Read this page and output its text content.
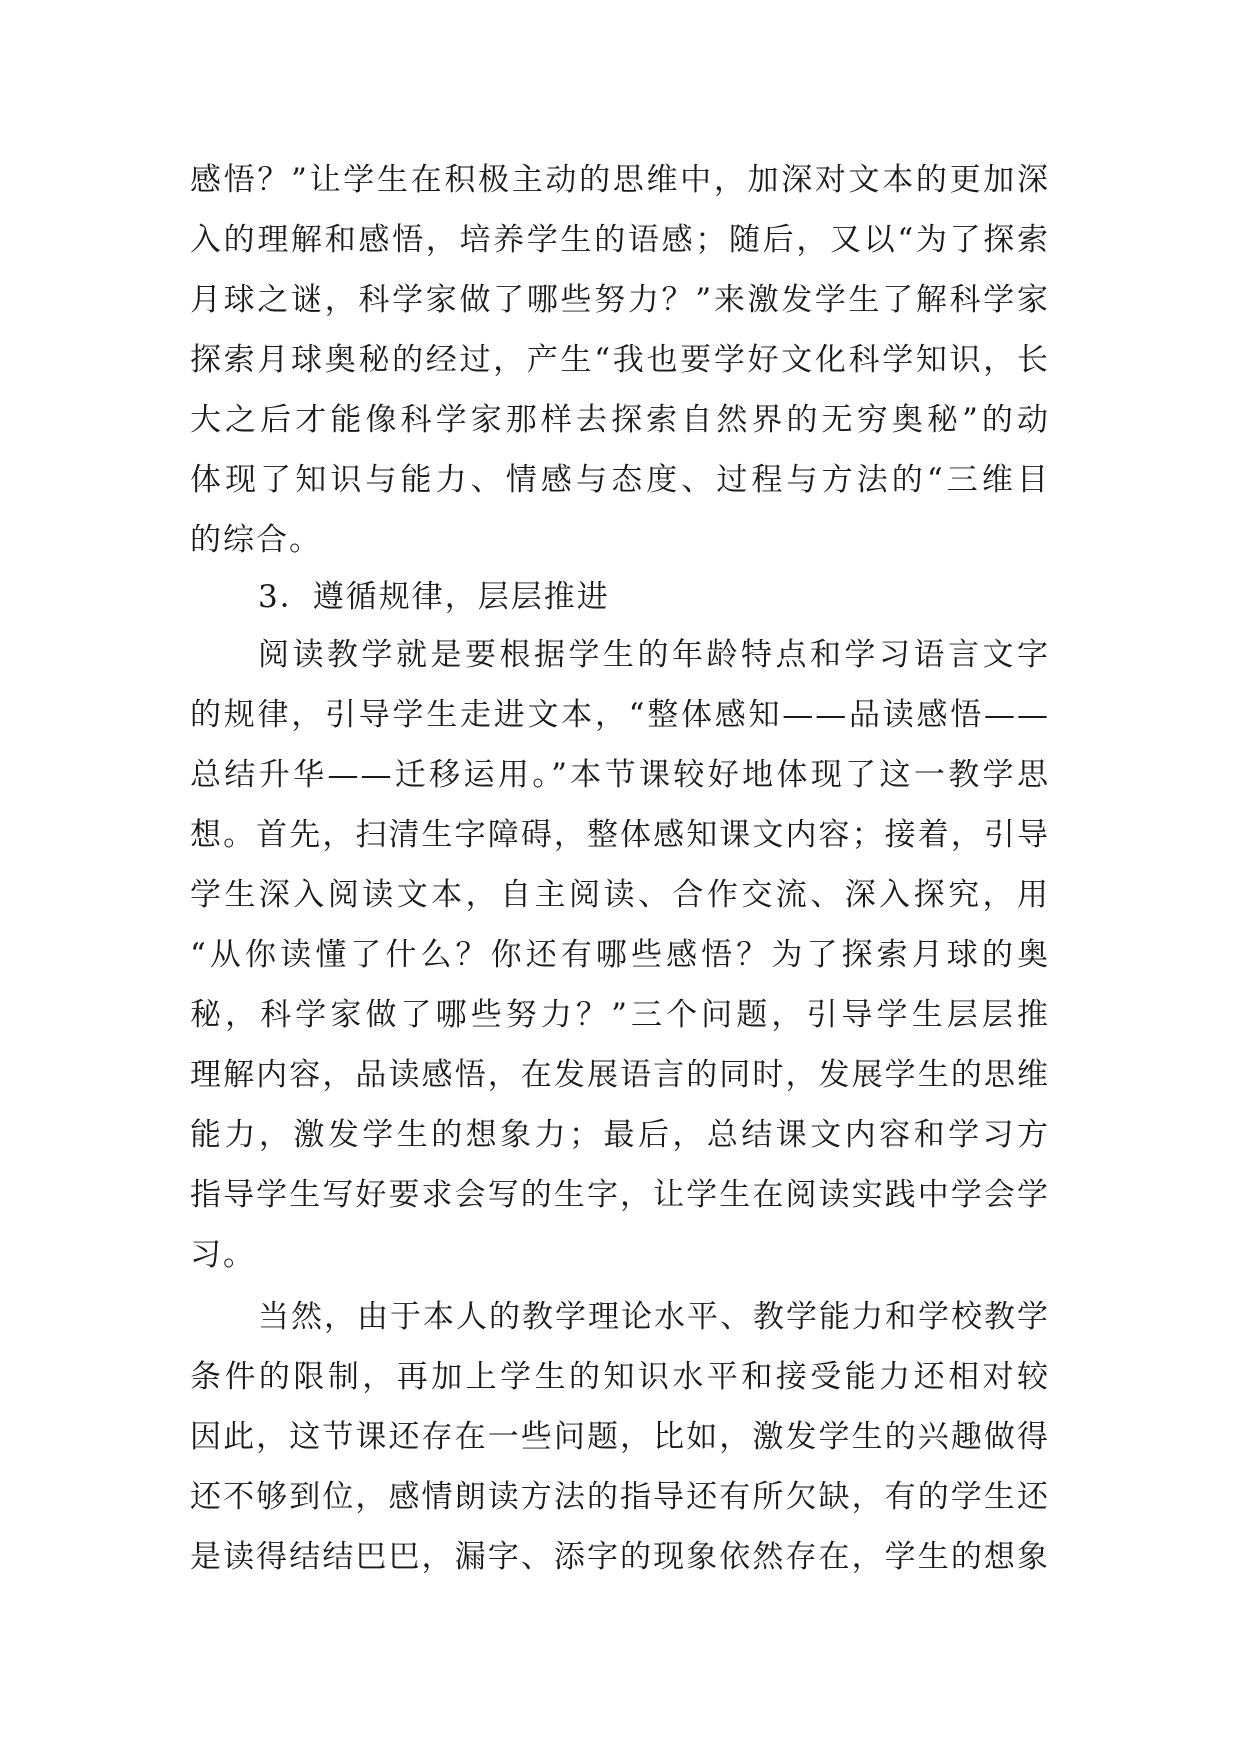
感悟？”让学生在积极主动的思维中，加深对文本的更加深
入的理解和感悟，培养学生的语感；随后，又以“为了探索
月球之谜，科学家做了哪些努力？”来激发学生了解科学家
探索月球奥秘的经过，产生“我也要学好文化科学知识，长
大之后才能像科学家那样去探索自然界的无穷奥秘”的动
体现了知识与能力、情感与态度、过程与方法的“三维目
的综合。
3．遵循规律，层层推进
阅读教学就是要根据学生的年龄特点和学习语言文字
的规律，引导学生走进文本，“整体感知——品读感悟——
总结升华——迁移运用。”本节课较好地体现了这一教学思
想。首先，扫清生字障碍，整体感知课文内容；接着，引导
学生深入阅读文本，自主阅读、合作交流、深入探究，用
“从你读懂了什么？你还有哪些感悟？为了探索月球的奥
秘，科学家做了哪些努力？”三个问题，引导学生层层推
理解内容，品读感悟，在发展语言的同时，发展学生的思维
能力，激发学生的想象力；最后，总结课文内容和学习方
指导学生写好要求会写的生字，让学生在阅读实践中学会学
习。
当然，由于本人的教学理论水平、教学能力和学校教学
条件的限制，再加上学生的知识水平和接受能力还相对较
因此，这节课还存在一些问题，比如，激发学生的兴趣做得
还不够到位，感情朗读方法的指导还有所欠缺，有的学生还
是读得结结巴巴，漏字、添字的现象依然存在，学生的想象
